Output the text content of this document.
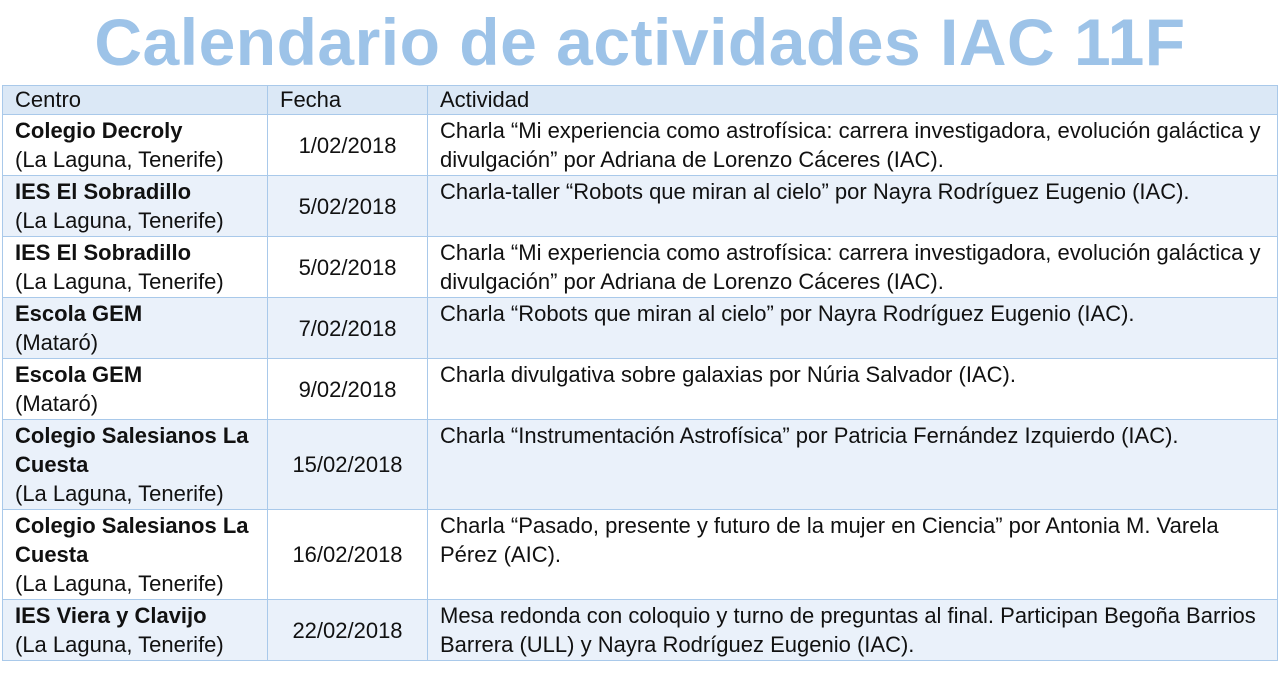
Calendario de actividades IAC 11F
Centro	Fecha	Actividad

Colegio Decroly
(La Laguna, Tenerife)	1/02/2018	Charla “Mi experiencia como astrofísica: carrera investigadora, evolución galáctica y divulgación” por Adriana de Lorenzo Cáceres (IAC).

IES El Sobradillo
(La Laguna, Tenerife)	5/02/2018	Charla-taller “Robots que miran al cielo” por Nayra Rodríguez Eugenio (IAC).

IES El Sobradillo
(La Laguna, Tenerife)	5/02/2018	Charla “Mi experiencia como astrofísica: carrera investigadora, evolución galáctica y divulgación” por Adriana de Lorenzo Cáceres (IAC).

Escola GEM
(Mataró)	7/02/2018	Charla “Robots que miran al cielo” por Nayra Rodríguez Eugenio (IAC).

Escola GEM
(Mataró)	9/02/2018	Charla divulgativa sobre galaxias por Núria Salvador (IAC).

Colegio Salesianos La Cuesta
(La Laguna, Tenerife)	15/02/2018	Charla “Instrumentación Astrofísica” por Patricia Fernández Izquierdo (IAC).

Colegio Salesianos La Cuesta
(La Laguna, Tenerife)	16/02/2018	Charla “Pasado, presente y futuro de la mujer en Ciencia” por Antonia M. Varela Pérez (AIC).

IES Viera y Clavijo
(La Laguna, Tenerife)	22/02/2018	Mesa redonda con coloquio y turno de preguntas al final. Participan Begoña Barrios Barrera (ULL) y Nayra Rodríguez Eugenio (IAC).
